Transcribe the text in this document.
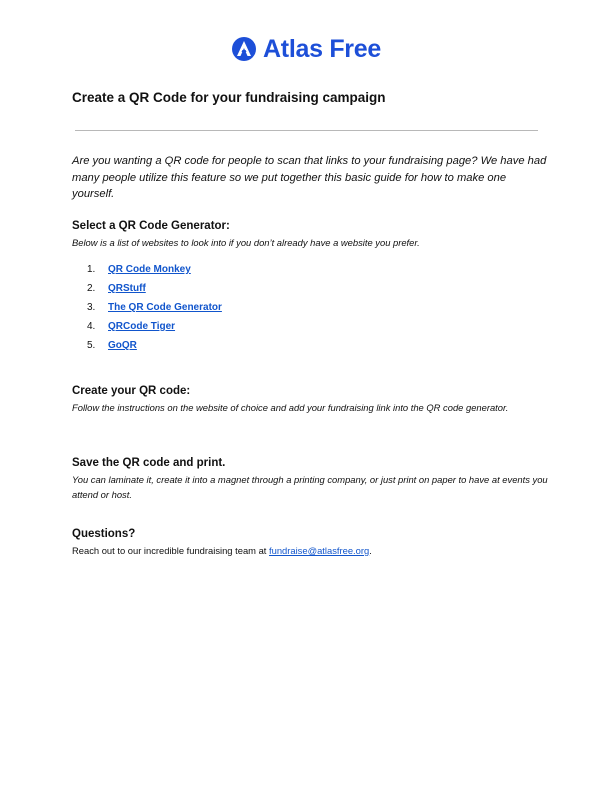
Atlas Free
Create a QR Code for your fundraising campaign

Are you wanting a QR code for people to scan that links to your fundraising page? We have had many people utilize this feature so we put together this basic guide for how to make one yourself.

Select a QR Code Generator:

Below is a list of websites to look into if you don’t already have a website you prefer.

1. QR Code Monkey
2. QRStuff
3. The QR Code Generator
4. QRCode Tiger
5. GoQR
Create your QR code:

Follow the instructions on the website of choice and add your fundraising link into the QR code generator.

Save the QR code and print.

You can laminate it, create it into a magnet through a printing company, or just print on paper to have at events you attend or host.

Questions?

Reach out to our incredible fundraising team at fundraise@atlasfree.org.
